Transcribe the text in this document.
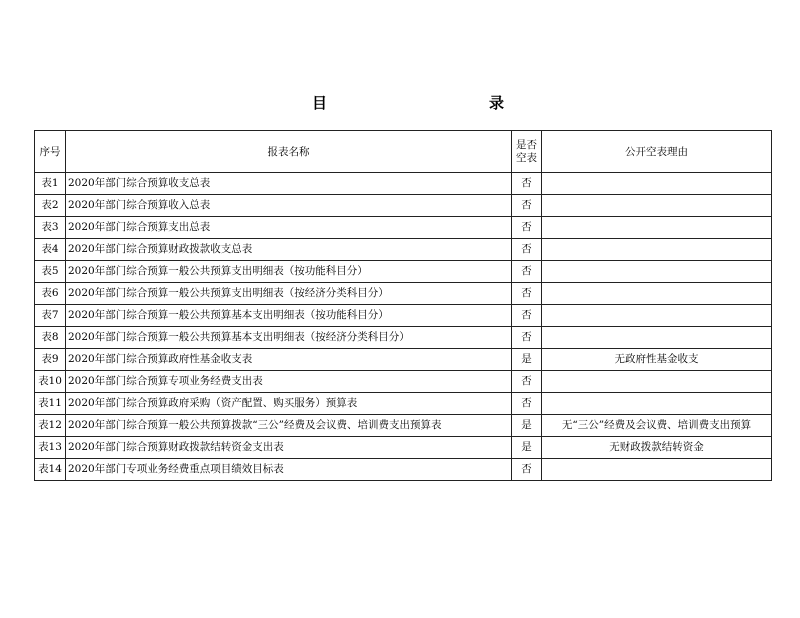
目	录
序号	报表名称	是否空表	公开空表理由
表1	2020年部门综合预算收支总表	否	
表2	2020年部门综合预算收入总表	否	
表3	2020年部门综合预算支出总表	否	
表4	2020年部门综合预算财政拨款收支总表	否	
表5	2020年部门综合预算一般公共预算支出明细表（按功能科目分）	否	
表6	2020年部门综合预算一般公共预算支出明细表（按经济分类科目分）	否	
表7	2020年部门综合预算一般公共预算基本支出明细表（按功能科目分）	否	
表8	2020年部门综合预算一般公共预算基本支出明细表（按经济分类科目分）	否	
表9	2020年部门综合预算政府性基金收支表	是	无政府性基金收支
表10	2020年部门综合预算专项业务经费支出表	否	
表11	2020年部门综合预算政府采购（资产配置、购买服务）预算表	否	
表12	2020年部门综合预算一般公共预算拨款“三公”经费及会议费、培训费支出预算表	是	无“三公”经费及会议费、培训费支出预算
表13	2020年部门综合预算财政拨款结转资金支出表	是	无财政拨款结转资金
表14	2020年部门专项业务经费重点项目绩效目标表	否	
